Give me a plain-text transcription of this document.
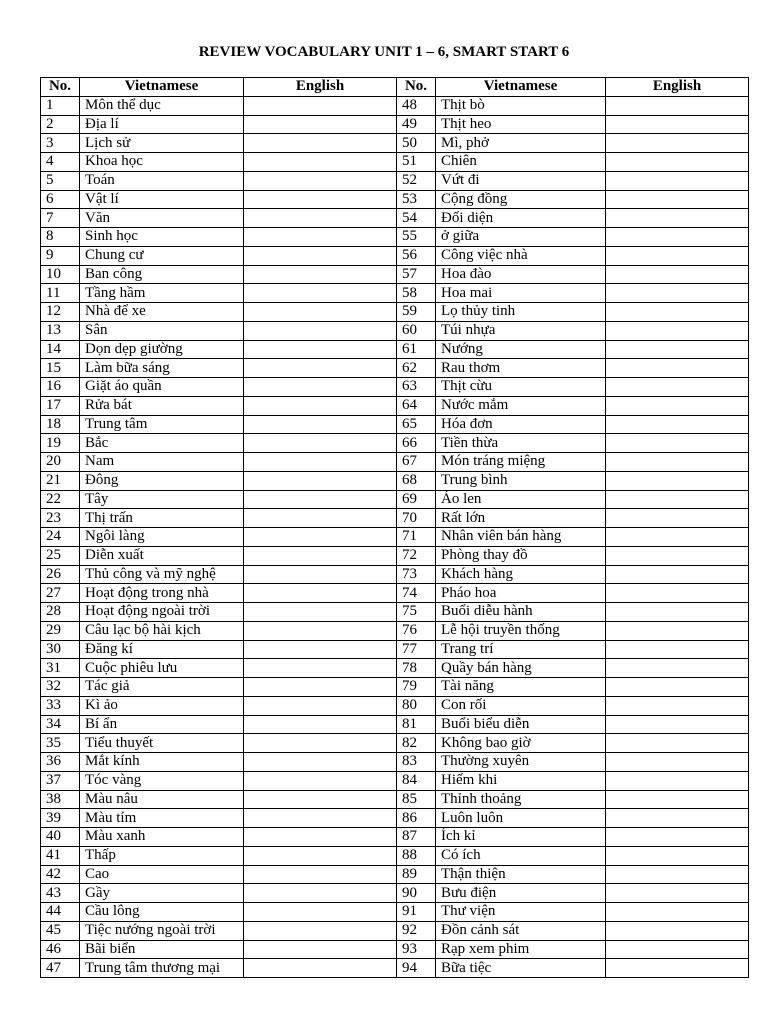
REVIEW VOCABULARY UNIT 1 – 6, SMART START 6
No.	Vietnamese	English	No.	Vietnamese	English
1	Môn thể dục		48	Thịt bò	
2	Địa lí		49	Thịt heo	
3	Lịch sử		50	Mì, phở	
4	Khoa học		51	Chiên	
5	Toán		52	Vứt đi	
6	Vật lí		53	Cộng đồng	
7	Văn		54	Đối diện	
8	Sinh học		55	ở giữa	
9	Chung cư		56	Công việc nhà	
10	Ban công		57	Hoa đào	
11	Tầng hầm		58	Hoa mai	
12	Nhà để xe		59	Lọ thủy tinh	
13	Sân		60	Túi nhựa	
14	Dọn dẹp giường		61	Nướng	
15	Làm bữa sáng		62	Rau thơm	
16	Giặt áo quần		63	Thịt cừu	
17	Rửa bát		64	Nước mắm	
18	Trung tâm		65	Hóa đơn	
19	Bắc		66	Tiền thừa	
20	Nam		67	Món tráng miệng	
21	Đông		68	Trung bình	
22	Tây		69	Áo len	
23	Thị trấn		70	Rất lớn	
24	Ngôi làng		71	Nhân viên bán hàng	
25	Diễn xuất		72	Phòng thay đồ	
26	Thủ công và mỹ nghệ		73	Khách hàng	
27	Hoạt động trong nhà		74	Pháo hoa	
28	Hoạt động ngoài trời		75	Buổi diễu hành	
29	Câu lạc bộ hài kịch		76	Lễ hội truyền thống	
30	Đăng kí		77	Trang trí	
31	Cuộc phiêu lưu		78	Quầy bán hàng	
32	Tác giả		79	Tài năng	
33	Kì ảo		80	Con rối	
34	Bí ẩn		81	Buổi biểu diễn	
35	Tiểu thuyết		82	Không bao giờ	
36	Mắt kính		83	Thường xuyên	
37	Tóc vàng		84	Hiếm khi	
38	Màu nâu		85	Thỉnh thoảng	
39	Màu tím		86	Luôn luôn	
40	Màu xanh		87	Ích kỉ	
41	Thấp		88	Có ích	
42	Cao		89	Thận thiện	
43	Gầy		90	Bưu điện	
44	Cầu lông		91	Thư viện	
45	Tiệc nướng ngoài trời		92	Đồn cảnh sát	
46	Bãi biển		93	Rạp xem phim	
47	Trung tâm thương mại		94	Bữa tiệc	
